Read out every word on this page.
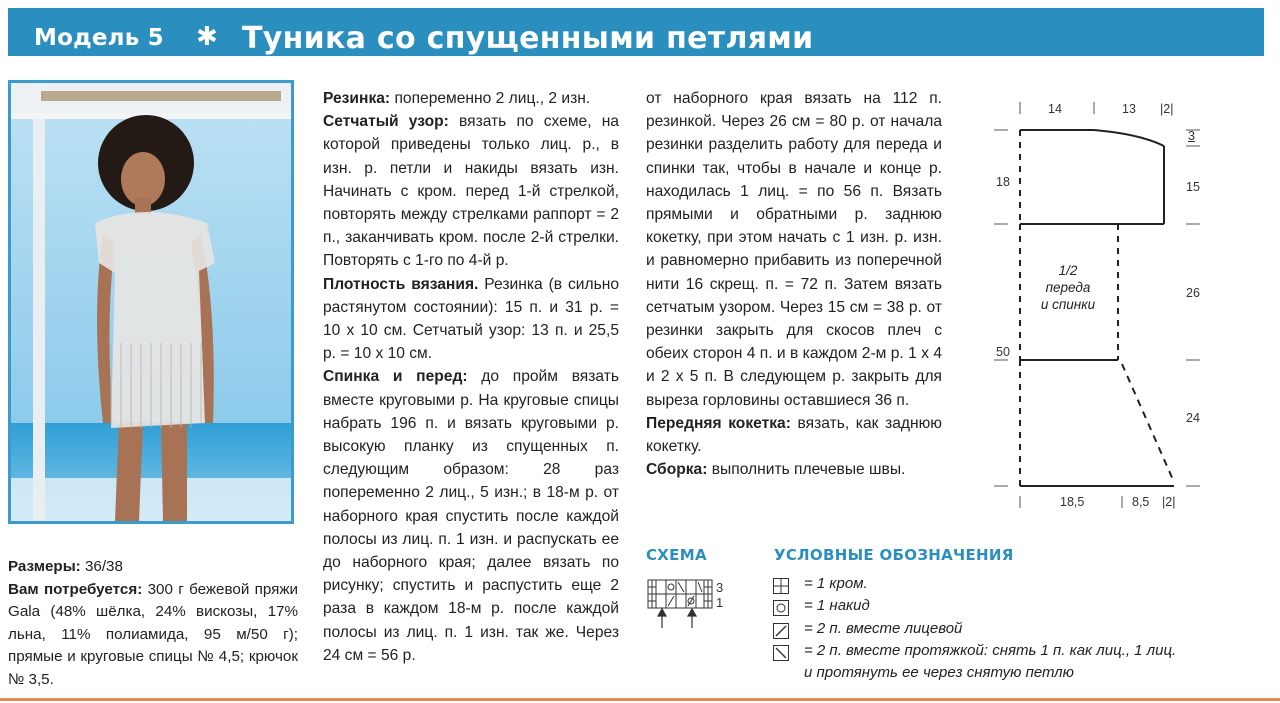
Модель 5 ✱ Туника со спущенными петлями

Размеры: 36/38

Вам потребуется: 300 г бежевой пряжи Gala (48% шёлка, 24% вискозы, 17% льна, 11% полиамида, 95 м/50 г); прямые и круговые спицы № 4,5; крючок № 3,5.

Резинка: попеременно 2 лиц., 2 изн.

Сетчатый узор: вязать по схеме, на которой приведены только лиц. р., в изн. р. петли и накиды вязать изн. Начинать с кром. перед 1-й стрелкой, повторять между стрелками раппорт = 2 п., заканчивать кром. после 2-й стрелки. Повторять с 1-го по 4-й р.

Плотность вязания. Резинка (в сильно растянутом состоянии): 15 п. и 31 р. = 10 х 10 см. Сетчатый узор: 13 п. и 25,5 р. = 10 х 10 см.

Спинка и перед: до пройм вязать вместе круговыми р. На круговые спицы набрать 196 п. и вязать круговыми р. высокую планку из спущенных п. следующим образом: 28 раз попеременно 2 лиц., 5 изн.; в 18-м р. от наборного края спустить после каждой полосы из лиц. п. 1 изн. и распускать ее до наборного края; далее вязать по рисунку; спустить и распустить еще 2 раза в каждом 18-м р. после каждой полосы из лиц. п. 1 изн. так же. Через 24 см = 56 р.

от наборного края вязать на 112 п. резинкой. Через 26 см = 80 р. от начала резинки разделить работу для переда и спинки так, чтобы в начале и конце р. находилась 1 лиц. = по 56 п. Вязать прямыми и обратными р. заднюю кокетку, при этом начать с 1 изн. р. изн. и равномерно прибавить из поперечной нити 16 скрещ. п. = 72 п. Затем вязать сетчатым узором. Через 15 см = 38 р. от резинки закрыть для скосов плеч с обеих сторон 4 п. и в каждом 2-м р. 1 х 4 и 2 х 5 п. В следующем р. закрыть для выреза горловины оставшиеся 36 п.

Передняя кокетка: вязать, как заднюю кокетку.

Сборка: выполнить плечевые швы.

СХЕМА
3
1
УСЛОВНЫЕ ОБОЗНАЧЕНИЯ
= 1 кром.
= 1 накид
= 2 п. вместе лицевой
= 2 п. вместе протяжкой: снять 1 п. как лиц., 1 лиц.
и протянуть ее через снятую петлю
14	13 |2|
3
15
26
24
18
50
18,5	8,5 |2|
1/2
переда
и спинки
